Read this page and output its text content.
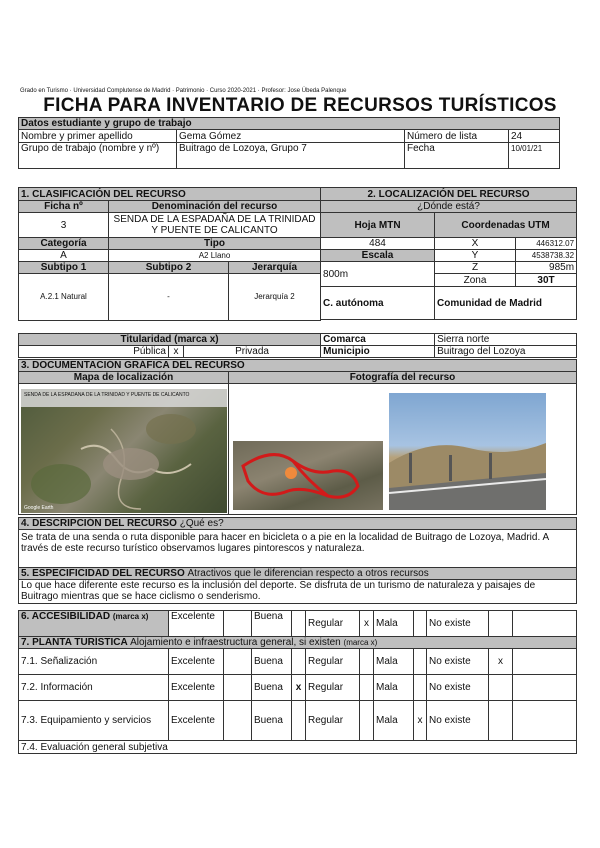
Grado en Turismo · Universidad Complutense de Madrid · Patrimonio · Curso 2020-2021 · Profesor: Jose Úbeda Palenque
FICHA PARA INVENTARIO DE RECURSOS TURÍSTICOS
Datos estudiante y grupo de trabajo			
Nombre y primer apellido	Gema Gómez	Número de lista	24
Grupo de trabajo (nombre y nº)	Buitrago de Lozoya, Grupo 7	Fecha	10/01/21
1. CLASIFICACIÓN DEL RECURSO			2. LOCALIZACIÓN DEL RECURSO		
Ficha nº	Denominación del recurso		¿Dónde está?		
3	SENDA DE LA ESPADAÑA DE LA TRINIDAD Y PUENTE DE CALICANTO		Hoja MTN	Coordenadas UTM	
Categoría	Tipo		484	X	446312.07
A	A2 Llano		Escala	Y	4538738.32
Subtipo 1	Subtipo 2	Jerarquía	800m	Z	985m
A.2.1 Natural	-	Jerarquía 2		Zona	30T
			C. autónoma	Comunidad de Madrid	

Titularidad (marca x)				Comarca	Sierra norte
	Pública	x	Privada	Municipio	Buitrago del Lozoya
3. DOCUMENTACIÓN GRÁFICA DEL RECURSO	
Mapa de localización	Fotografía del recurso

SENDA DE LA ESPADAÑA DE LA TRINIDAD Y PUENTE DE CALICANTO
Google Earth
4. DESCRIPCIÓN DEL RECURSO ¿Qué es?
Se trata de una senda o ruta disponible para hacer en bicicleta o a pie en la localidad de Buitrago de Lozoya, Madrid. A través de este recurso turístico observamos lugares pintorescos y naturaleza.
5. ESPECIFICIDAD DEL RECURSO Atractivos que le diferencian respecto a otros recursos
Lo que hace diferente este recurso es la inclusión del deporte. Se disfruta de un turismo de naturaleza y paisajes de Buitrago mientras que se hace ciclismo o senderismo.
6. ACCESIBILIDAD (marca x)	Excelente		Buena		Regular	x	Mala		No existe		
7. PLANTA TURÍSTICA Alojamiento e infraestructura general, si existen (marca x)											
7.1. Señalización	Excelente		Buena		Regular		Mala		No existe	x	
7.2. Información	Excelente		Buena	x	Regular		Mala		No existe		
7.3. Equipamiento y servicios	Excelente		Buena		Regular		Mala	x	No existe		
7.4. Evaluación general subjetiva											
